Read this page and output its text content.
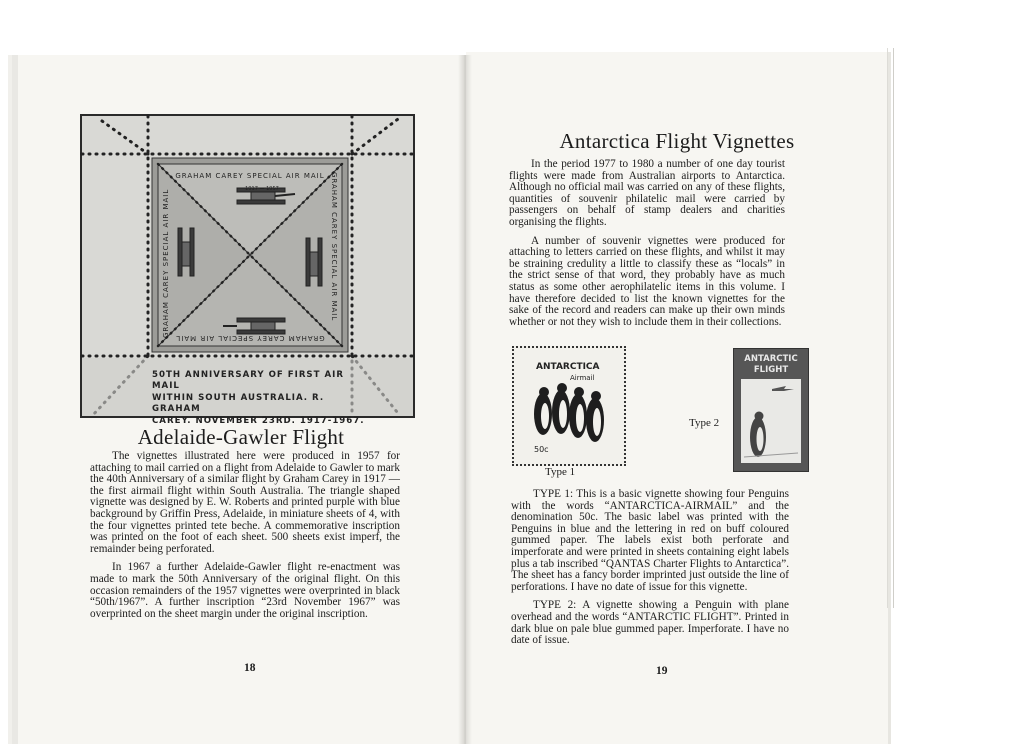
GRAHAM CAREY SPECIAL AIR MAIL
1917 — 1957
GRAHAM CAREY SPECIAL AIR MAIL
GRAHAM CAREY SPECIAL AIR MAIL	GRAHAM CAREY SPECIAL AIR MAIL
50TH ANNIVERSARY OF FIRST AIR MAIL
WITHIN SOUTH AUSTRALIA. R. GRAHAM
CAREY. NOVEMBER 23RD. 1917-1967.
Adelaide-Gawler Flight

The vignettes illustrated here were produced in 1957 for attaching to mail carried on a flight from Adelaide to Gawler to mark the 40th Anniversary of a similar flight by Graham Carey in 1917 — the first airmail flight within South Australia. The triangle shaped vignette was designed by E. W. Roberts and printed purple with blue background by Griffin Press, Adelaide, in miniature sheets of 4, with the four vignettes printed tete beche. A commemorative inscription was printed on the foot of each sheet. 500 sheets exist imperf, the remainder being perforated.

In 1967 a further Adelaide-Gawler flight re-enactment was made to mark the 50th Anniversary of the original flight. On this occasion remainders of the 1957 vignettes were overprinted in black “50th/1967”. A further inscription “23rd November 1967” was overprinted on the sheet margin under the original inscription.

18
Antarctica Flight Vignettes

In the period 1977 to 1980 a number of one day tourist flights were made from Australian airports to Antarctica. Although no official mail was carried on any of these flights, quantities of souvenir philatelic mail were carried by passengers on behalf of stamp dealers and charities organising the flights.

A number of souvenir vignettes were produced for attaching to letters carried on these flights, and whilst it may be straining credulity a little to classify these as “locals” in the strict sense of that word, they probably have as much status as some other aerophilatelic items in this volume. I have therefore decided to list the known vignettes for the sake of the record and readers can make up their own minds whether or not they wish to include them in their collections.

ANTARCTICA
Airmail
50c
Type 1
ANTARCTIC
FLIGHT
Type 2

TYPE 1: This is a basic vignette showing four Penguins with the words “ANTARCTICA-AIRMAIL” and the denomination 50c. The basic label was printed with the Penguins in blue and the lettering in red on buff coloured gummed paper. The labels exist both perforate and imperforate and were printed in sheets containing eight labels plus a tab inscribed “QANTAS Charter Flights to Antarctica”. The sheet has a fancy border imprinted just outside the line of perforations. I have no date of issue for this vignette.

TYPE 2: A vignette showing a Penguin with plane overhead and the words “ANTARCTIC FLIGHT”. Printed in dark blue on pale blue gummed paper. Imperforate. I have no date of issue.

19
